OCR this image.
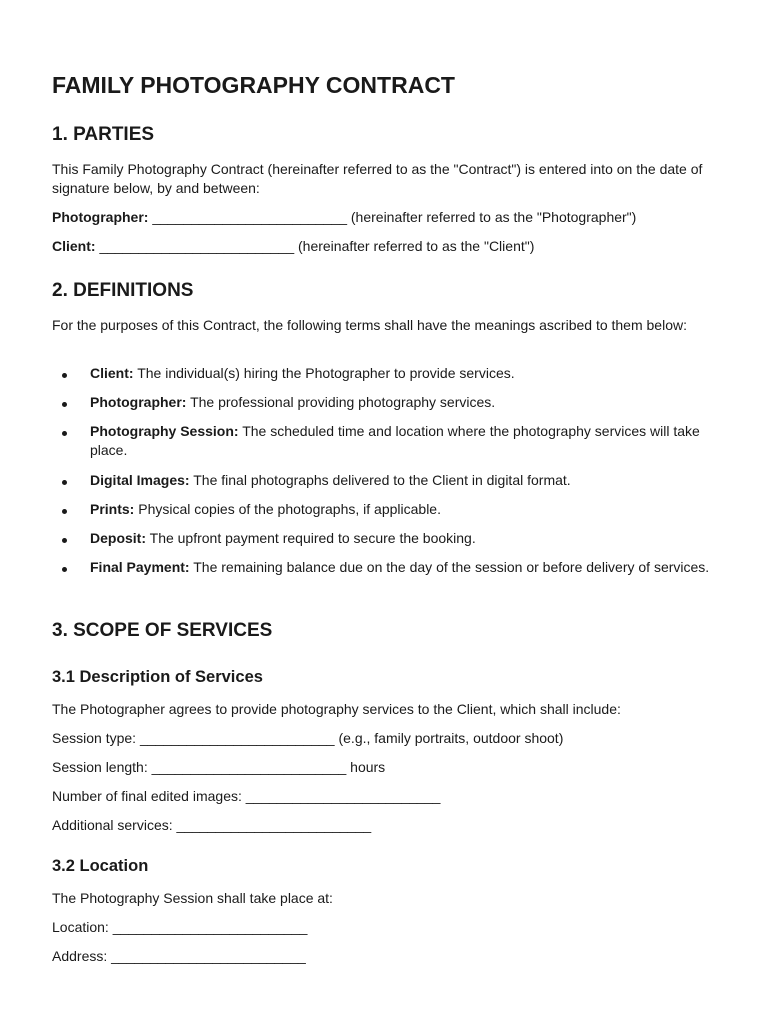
FAMILY PHOTOGRAPHY CONTRACT
1. PARTIES

This Family Photography Contract (hereinafter referred to as the "Contract") is entered into on the date of signature below, by and between:

Photographer: _________________________ (hereinafter referred to as the "Photographer")

Client: _________________________ (hereinafter referred to as the "Client")

2. DEFINITIONS

For the purposes of this Contract, the following terms shall have the meanings ascribed to them below:

Client: The individual(s) hiring the Photographer to provide services.

Photographer: The professional providing photography services.

Photography Session: The scheduled time and location where the photography services will take place.

Digital Images: The final photographs delivered to the Client in digital format.

Prints: Physical copies of the photographs, if applicable.

Deposit: The upfront payment required to secure the booking.

Final Payment: The remaining balance due on the day of the session or before delivery of services.

3. SCOPE OF SERVICES
3.1 Description of Services

The Photographer agrees to provide photography services to the Client, which shall include:

Session type: _________________________ (e.g., family portraits, outdoor shoot)

Session length: _________________________ hours

Number of final edited images: _________________________

Additional services: _________________________

3.2 Location

The Photography Session shall take place at:

Location: _________________________

Address: _________________________
